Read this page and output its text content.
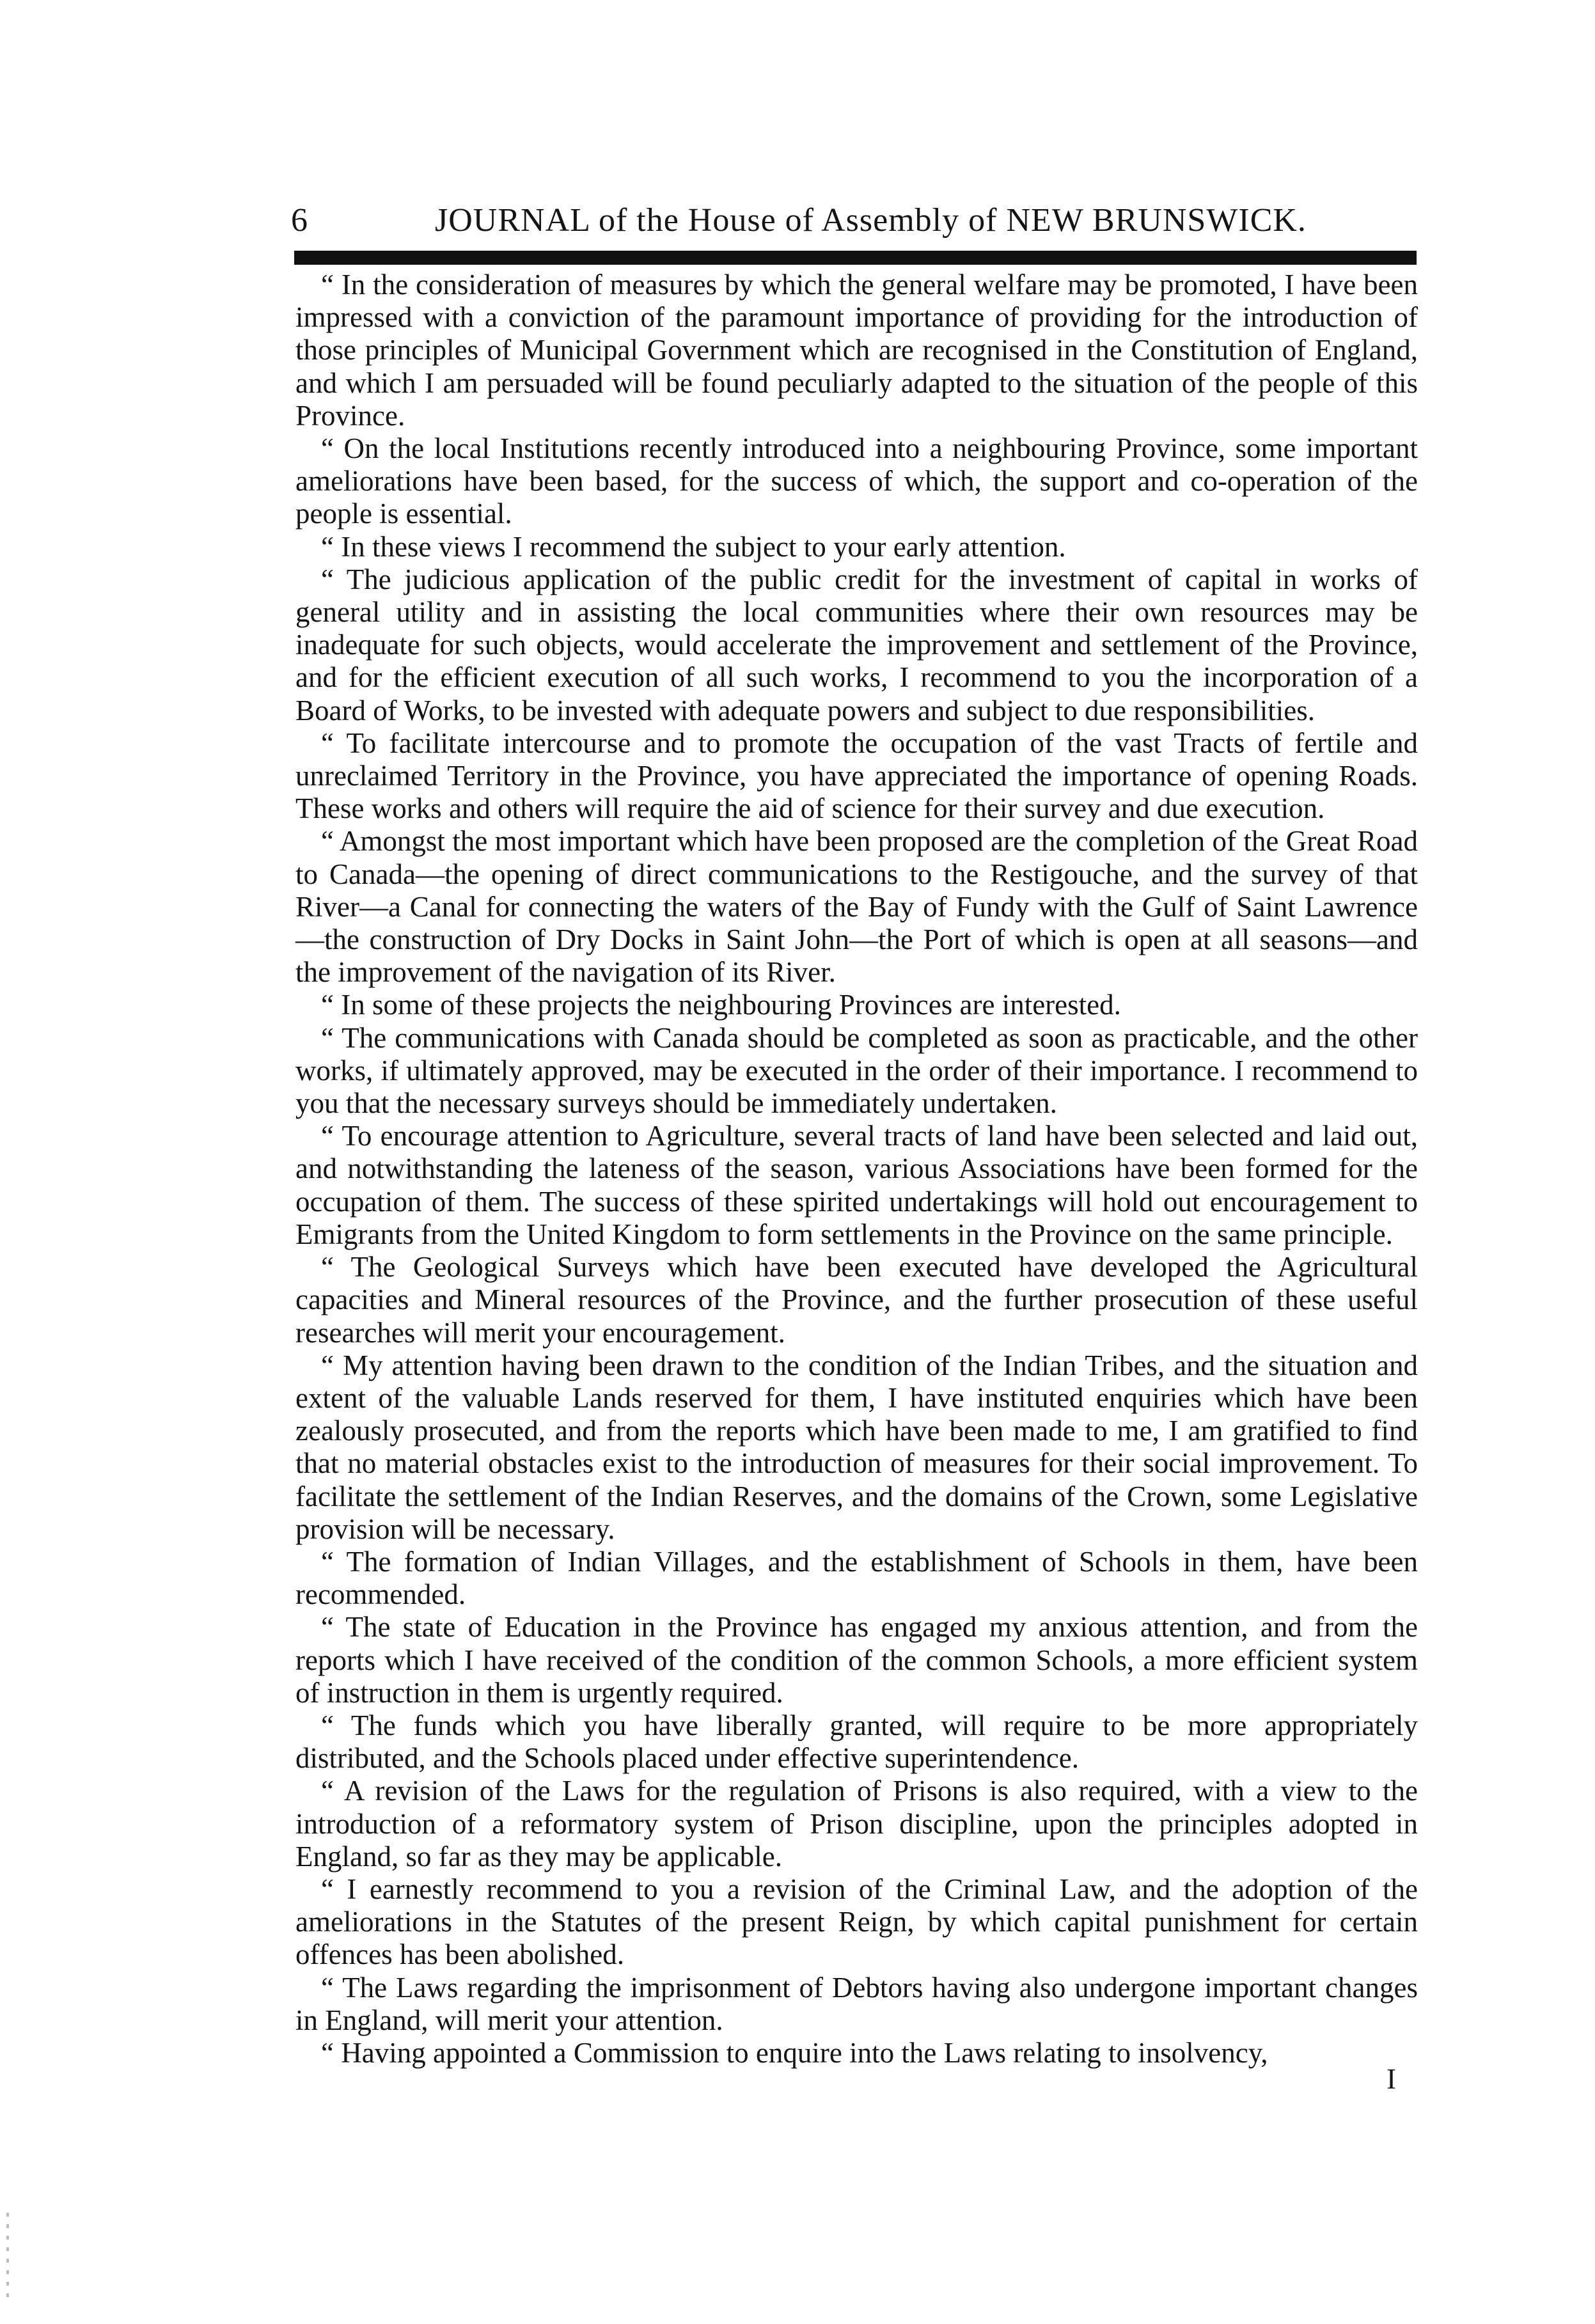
6	JOURNAL of the House of Assembly of NEW BRUNSWICK.

“ In the consideration of measures by which the general welfare may be promoted, I have been impressed with a conviction of the paramount importance of providing for the introduction of those principles of Municipal Government which are recognised in the Constitution of England, and which I am persuaded will be found peculiarly adapted to the situation of the people of this Province.

“ On the local Institutions recently introduced into a neighbouring Province, some important ameliorations have been based, for the success of which, the support and co-operation of the people is essential.

“ In these views I recommend the subject to your early attention.

“ The judicious application of the public credit for the investment of capital in works of general utility and in assisting the local communities where their own resources may be inadequate for such objects, would accelerate the improvement and settlement of the Province, and for the efficient execution of all such works, I recommend to you the incorporation of a Board of Works, to be invested with adequate powers and subject to due responsibilities.

“ To facilitate intercourse and to promote the occupation of the vast Tracts of fertile and unreclaimed Territory in the Province, you have appreciated the importance of opening Roads. These works and others will require the aid of science for their survey and due execution.

“ Amongst the most important which have been proposed are the completion of the Great Road to Canada—the opening of direct communications to the Restigouche, and the survey of that River—a Canal for connecting the waters of the Bay of Fundy with the Gulf of Saint Lawrence—the construction of Dry Docks in Saint John—the Port of which is open at all seasons—and the improvement of the navigation of its River.

“ In some of these projects the neighbouring Provinces are interested.

“ The communications with Canada should be completed as soon as practicable, and the other works, if ultimately approved, may be executed in the order of their importance. I recommend to you that the necessary surveys should be immediately undertaken.

“ To encourage attention to Agriculture, several tracts of land have been selected and laid out, and notwithstanding the lateness of the season, various Associations have been formed for the occupation of them. The success of these spirited undertakings will hold out encouragement to Emigrants from the United Kingdom to form settlements in the Province on the same principle.

“ The Geological Surveys which have been executed have developed the Agricultural capacities and Mineral resources of the Province, and the further prosecution of these useful researches will merit your encouragement.

“ My attention having been drawn to the condition of the Indian Tribes, and the situation and extent of the valuable Lands reserved for them, I have instituted enquiries which have been zealously prosecuted, and from the reports which have been made to me, I am gratified to find that no material obstacles exist to the introduction of measures for their social improvement. To facilitate the settlement of the Indian Reserves, and the domains of the Crown, some Legislative provision will be necessary.

“ The formation of Indian Villages, and the establishment of Schools in them, have been recommended.

“ The state of Education in the Province has engaged my anxious attention, and from the reports which I have received of the condition of the common Schools, a more efficient system of instruction in them is urgently required.

“ The funds which you have liberally granted, will require to be more appropriately distributed, and the Schools placed under effective superintendence.

“ A revision of the Laws for the regulation of Prisons is also required, with a view to the introduction of a reformatory system of Prison discipline, upon the principles adopted in England, so far as they may be applicable.

“ I earnestly recommend to you a revision of the Criminal Law, and the adoption of the ameliorations in the Statutes of the present Reign, by which capital punishment for certain offences has been abolished.

“ The Laws regarding the imprisonment of Debtors having also undergone important changes in England, will merit your attention.

“ Having appointed a Commission to enquire into the Laws relating to insolvency,

I
